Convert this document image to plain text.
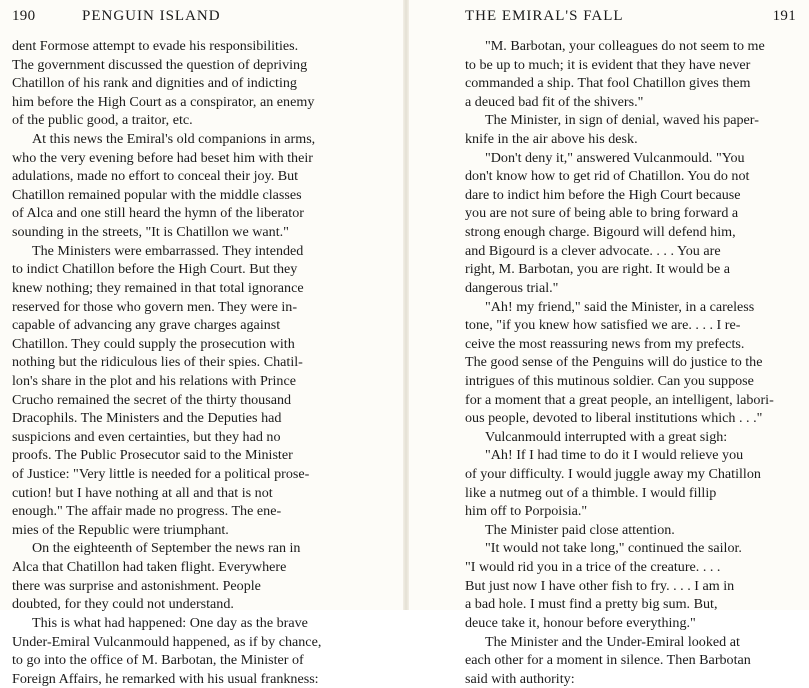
190	PENGUIN ISLAND
dent Formose attempt to evade his responsibilities.
The government discussed the question of depriving
Chatillon of his rank and dignities and of indicting
him before the High Court as a conspirator, an enemy
of the public good, a traitor, etc.
At this news the Emiral's old companions in arms,
who the very evening before had beset him with their
adulations, made no effort to conceal their joy. But
Chatillon remained popular with the middle classes
of Alca and one still heard the hymn of the liberator
sounding in the streets, "It is Chatillon we want."
The Ministers were embarrassed. They intended
to indict Chatillon before the High Court. But they
knew nothing; they remained in that total ignorance
reserved for those who govern men. They were in-
capable of advancing any grave charges against
Chatillon. They could supply the prosecution with
nothing but the ridiculous lies of their spies. Chatil-
lon's share in the plot and his relations with Prince
Crucho remained the secret of the thirty thousand
Dracophils. The Ministers and the Deputies had
suspicions and even certainties, but they had no
proofs. The Public Prosecutor said to the Minister
of Justice: "Very little is needed for a political prose-
cution! but I have nothing at all and that is not
enough." The affair made no progress. The ene-
mies of the Republic were triumphant.
On the eighteenth of September the news ran in
Alca that Chatillon had taken flight. Everywhere
there was surprise and astonishment. People
doubted, for they could not understand.
This is what had happened: One day as the brave
Under-Emiral Vulcanmould happened, as if by chance,
to go into the office of M. Barbotan, the Minister of
Foreign Affairs, he remarked with his usual frankness:
THE EMIRAL'S FALL	191
"M. Barbotan, your colleagues do not seem to me
to be up to much; it is evident that they have never
commanded a ship. That fool Chatillon gives them
a deuced bad fit of the shivers."
The Minister, in sign of denial, waved his paper-
knife in the air above his desk.
"Don't deny it," answered Vulcanmould. "You
don't know how to get rid of Chatillon. You do not
dare to indict him before the High Court because
you are not sure of being able to bring forward a
strong enough charge. Bigourd will defend him,
and Bigourd is a clever advocate. . . . You are
right, M. Barbotan, you are right. It would be a
dangerous trial."
"Ah! my friend," said the Minister, in a careless
tone, "if you knew how satisfied we are. . . . I re-
ceive the most reassuring news from my prefects.
The good sense of the Penguins will do justice to the
intrigues of this mutinous soldier. Can you suppose
for a moment that a great people, an intelligent, labori-
ous people, devoted to liberal institutions which . . ."
Vulcanmould interrupted with a great sigh:
"Ah! If I had time to do it I would relieve you
of your difficulty. I would juggle away my Chatillon
like a nutmeg out of a thimble. I would fillip
him off to Porpoisia."
The Minister paid close attention.
"It would not take long," continued the sailor.
"I would rid you in a trice of the creature. . . .
But just now I have other fish to fry. . . . I am in
a bad hole. I must find a pretty big sum. But,
deuce take it, honour before everything."
The Minister and the Under-Emiral looked at
each other for a moment in silence. Then Barbotan
said with authority:
